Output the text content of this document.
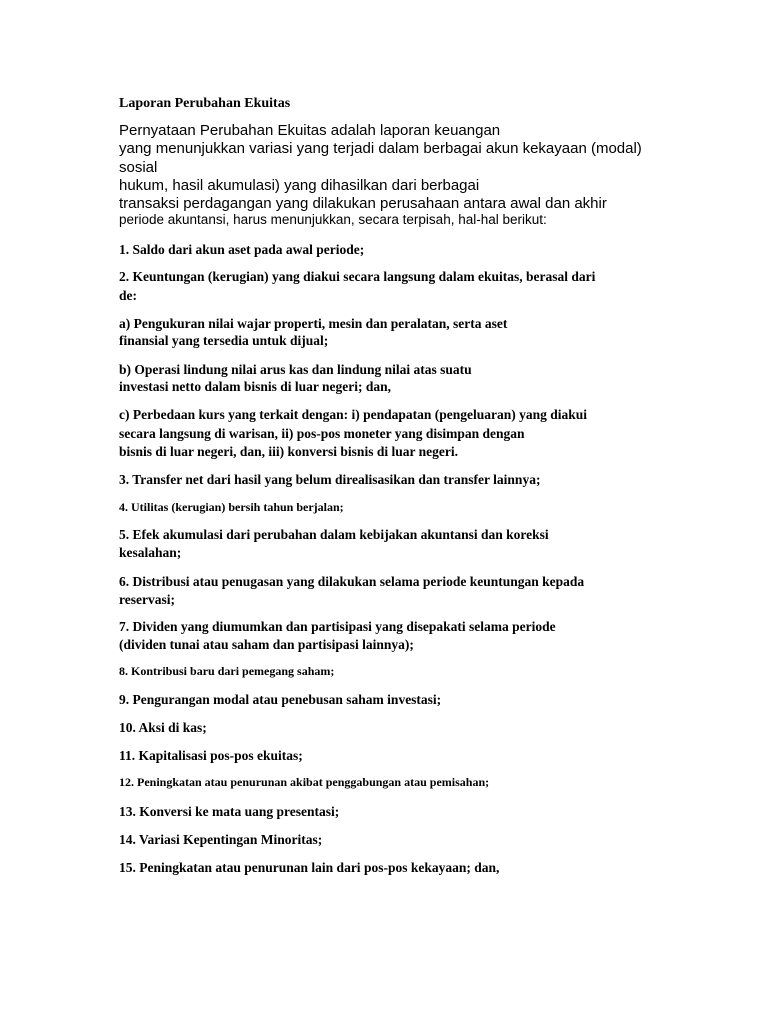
Laporan Perubahan Ekuitas
Pernyataan Perubahan Ekuitas adalah laporan keuangan
yang menunjukkan variasi yang terjadi dalam berbagai akun kekayaan (modal)
sosial
hukum, hasil akumulasi) yang dihasilkan dari berbagai
transaksi perdagangan yang dilakukan perusahaan antara awal dan akhir
periode akuntansi, harus menunjukkan, secara terpisah, hal-hal berikut:
1. Saldo dari akun aset pada awal periode;
2. Keuntungan (kerugian) yang diakui secara langsung dalam ekuitas, berasal dari
de:
a) Pengukuran nilai wajar properti, mesin dan peralatan, serta aset
finansial yang tersedia untuk dijual;
b) Operasi lindung nilai arus kas dan lindung nilai atas suatu
investasi netto dalam bisnis di luar negeri; dan,
c) Perbedaan kurs yang terkait dengan: i) pendapatan (pengeluaran) yang diakui
secara langsung di warisan, ii) pos-pos moneter yang disimpan dengan
bisnis di luar negeri, dan, iii) konversi bisnis di luar negeri.
3. Transfer net dari hasil yang belum direalisasikan dan transfer lainnya;
4. Utilitas (kerugian) bersih tahun berjalan;
5. Efek akumulasi dari perubahan dalam kebijakan akuntansi dan koreksi
kesalahan;
6. Distribusi atau penugasan yang dilakukan selama periode keuntungan kepada
reservasi;
7. Dividen yang diumumkan dan partisipasi yang disepakati selama periode
(dividen tunai atau saham dan partisipasi lainnya);
8. Kontribusi baru dari pemegang saham;
9. Pengurangan modal atau penebusan saham investasi;
10. Aksi di kas;
11. Kapitalisasi pos-pos ekuitas;
12. Peningkatan atau penurunan akibat penggabungan atau pemisahan;
13. Konversi ke mata uang presentasi;
14. Variasi Kepentingan Minoritas;
15. Peningkatan atau penurunan lain dari pos-pos kekayaan; dan,
